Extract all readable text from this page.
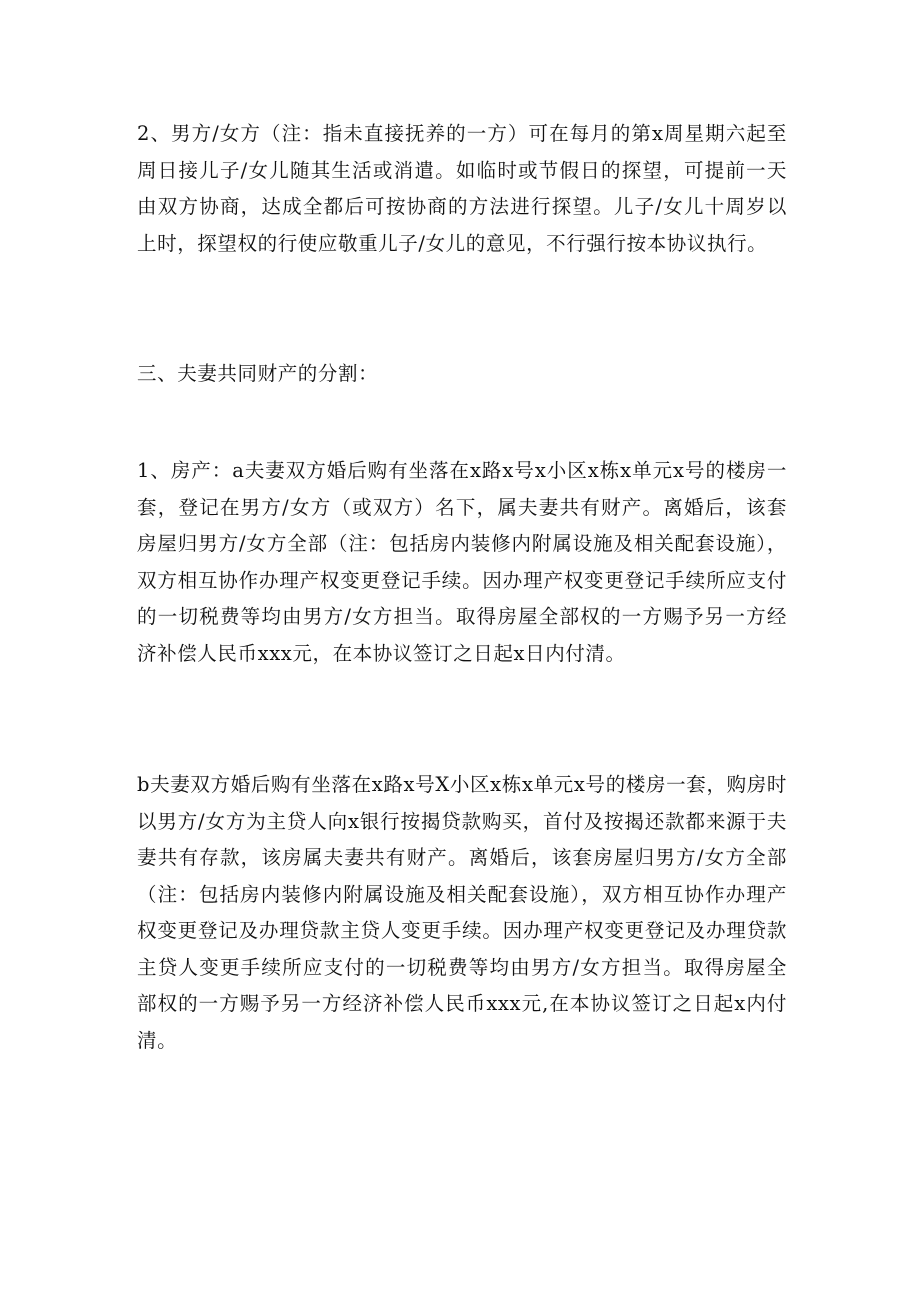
2、男方/女方（注：指未直接抚养的一方）可在每月的第x周星期六起至周日接儿子/女儿随其生活或消遣。如临时或节假日的探望，可提前一天由双方协商，达成全都后可按协商的方法进行探望。儿子/女儿十周岁以上时，探望权的行使应敬重儿子/女儿的意见，不行强行按本协议执行。

三、夫妻共同财产的分割：

1、房产：a夫妻双方婚后购有坐落在x路x号x小区x栋x单元x号的楼房一套，登记在男方/女方（或双方）名下，属夫妻共有财产。离婚后，该套房屋归男方/女方全部（注：包括房内装修内附属设施及相关配套设施），双方相互协作办理产权变更登记手续。因办理产权变更登记手续所应支付的一切税费等均由男方/女方担当。取得房屋全部权的一方赐予另一方经济补偿人民币xxx元，在本协议签订之日起x日内付清。

b夫妻双方婚后购有坐落在x路x号X小区x栋x单元x号的楼房一套，购房时以男方/女方为主贷人向x银行按揭贷款购买，首付及按揭还款都来源于夫妻共有存款，该房属夫妻共有财产。离婚后，该套房屋归男方/女方全部（注：包括房内装修内附属设施及相关配套设施），双方相互协作办理产权变更登记及办理贷款主贷人变更手续。因办理产权变更登记及办理贷款主贷人变更手续所应支付的一切税费等均由男方/女方担当。取得房屋全部权的一方赐予另一方经济补偿人民币xxx元,在本协议签订之日起x内付清。
